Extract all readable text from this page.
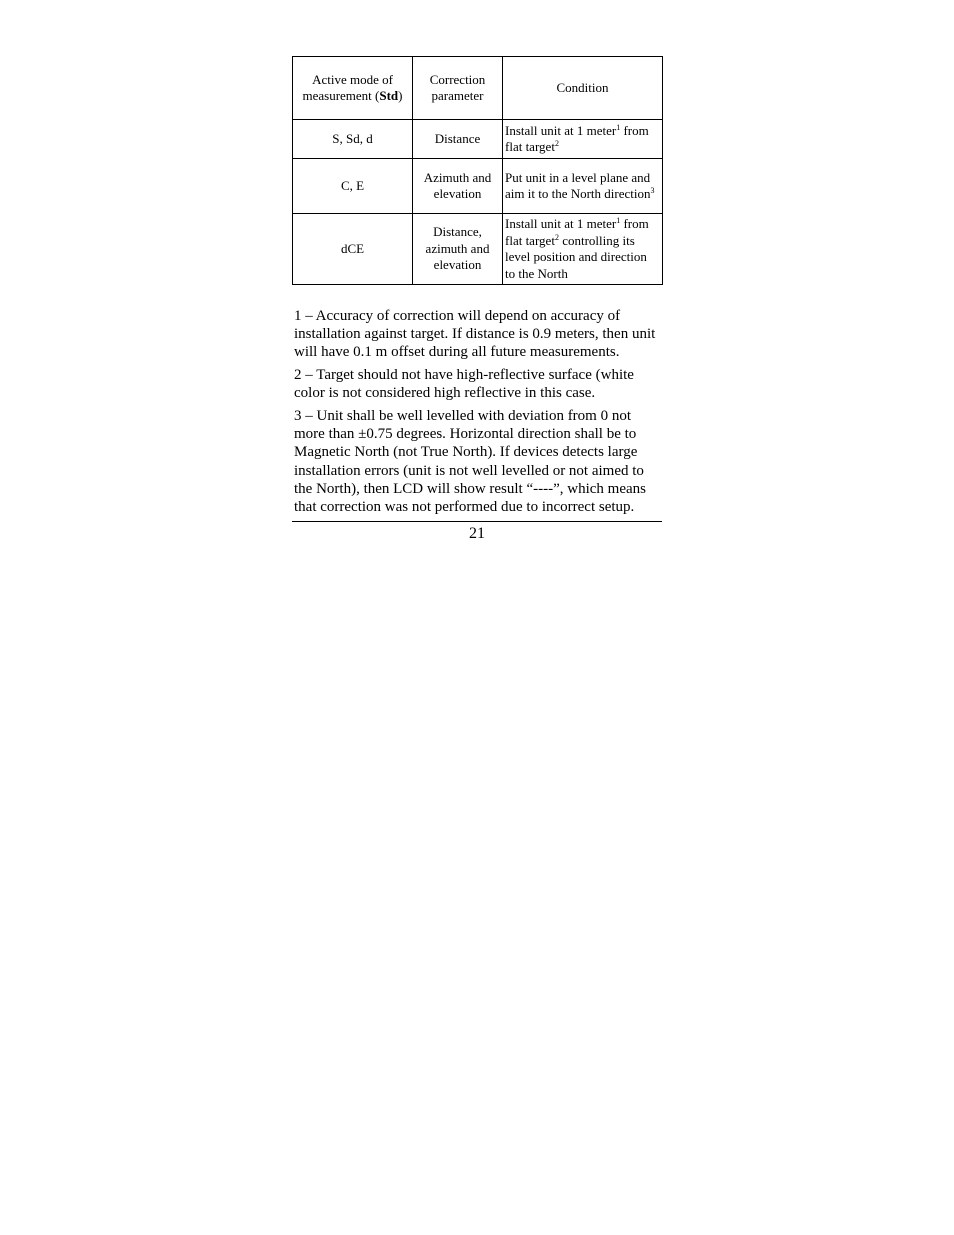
Active mode of measurement (Std)	Correction parameter	Condition
S, Sd, d	Distance	Install unit at 1 meter$^1$ from flat target$^2$
C, E	Azimuth and elevation	Put unit in a level plane and aim it to the North direction$^3$
dCE	Distance, azimuth and elevation	Install unit at 1 meter$^1$ from flat target$^2$ controlling its level position and direction to the North

1 – Accuracy of correction will depend on accuracy of installation against target. If distance is 0.9 meters, then unit will have 0.1 m offset during all future measurements.

2 – Target should not have high-reflective surface (white color is not considered high reflective in this case.

3 – Unit shall be well levelled with deviation from 0 not more than ±0.75 degrees. Horizontal direction shall be to Magnetic North (not True North). If devices detects large installation errors (unit is not well levelled or not aimed to the North), then LCD will show result “----”, which means that correction was not performed due to incorrect setup.

21
